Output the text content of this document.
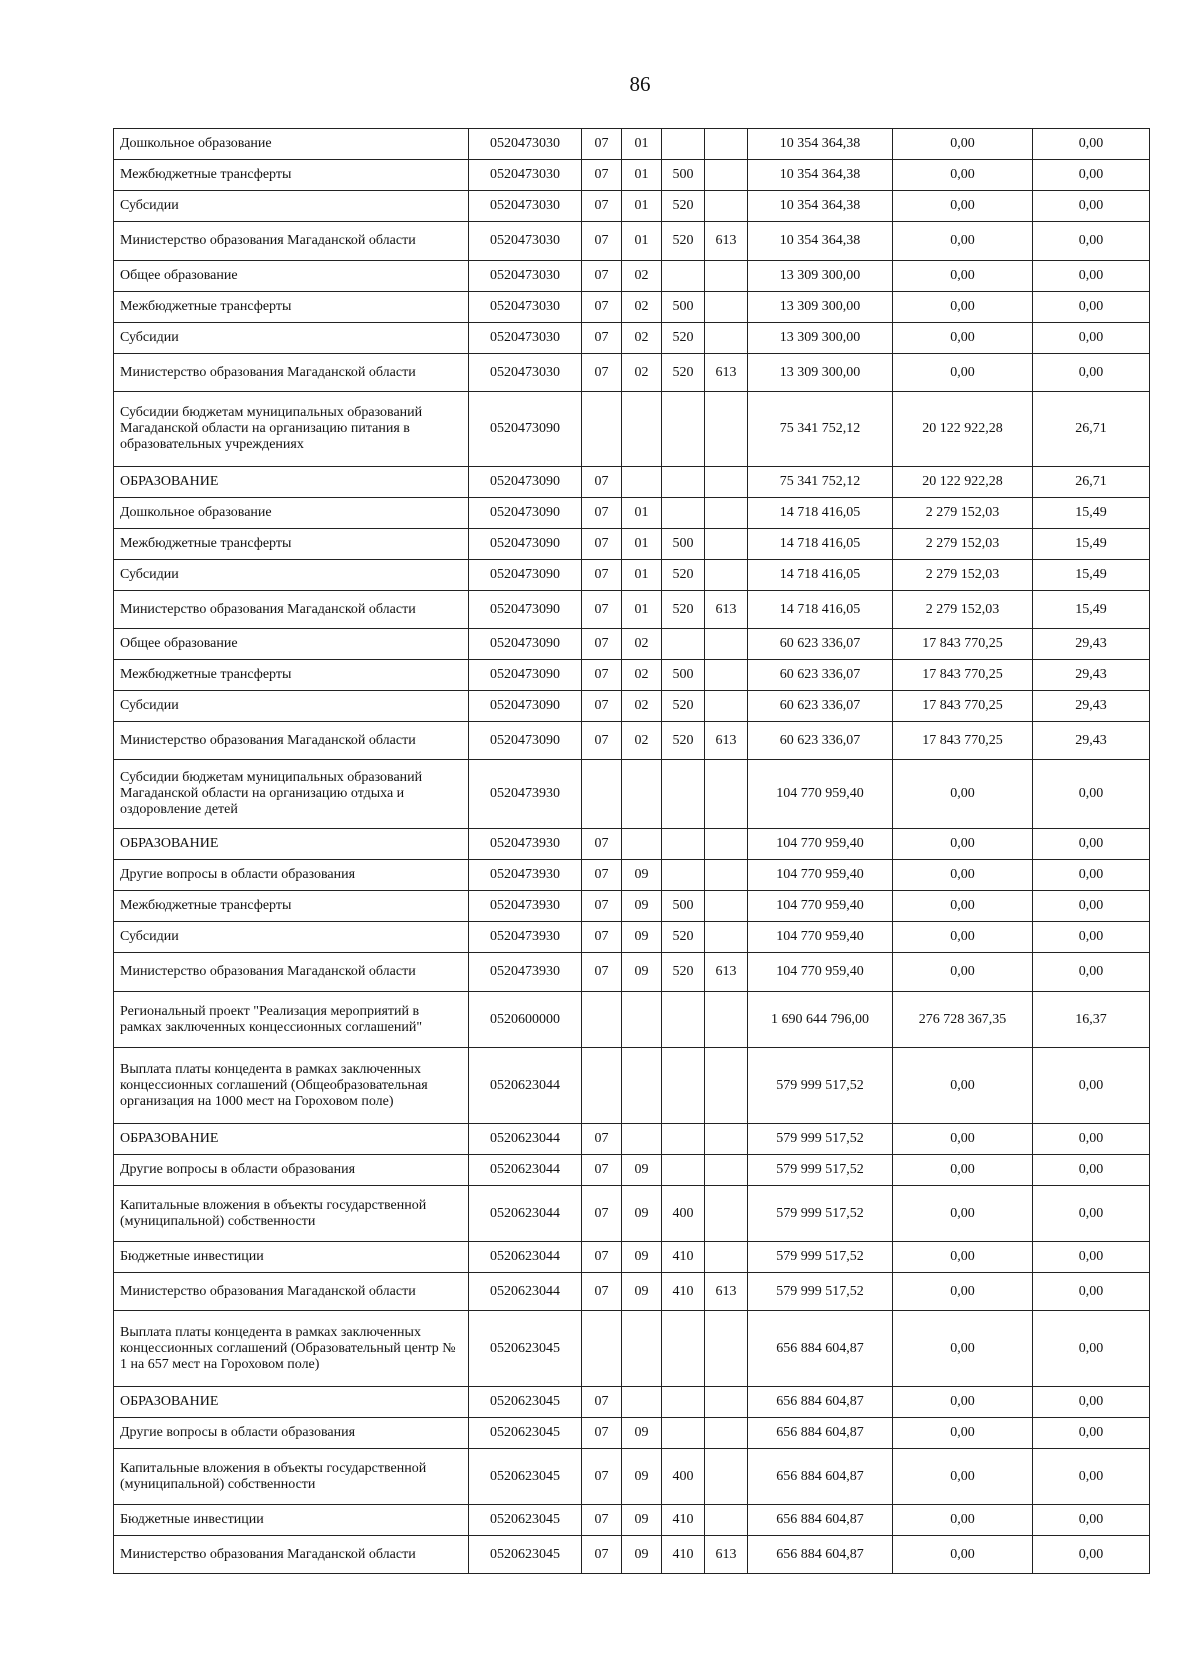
86
Дошкольное образование	0520473030	07	01			10 354 364,38	0,00	0,00
Межбюджетные трансферты	0520473030	07	01	500		10 354 364,38	0,00	0,00
Субсидии	0520473030	07	01	520		10 354 364,38	0,00	0,00
Министерство образования Магаданской области	0520473030	07	01	520	613	10 354 364,38	0,00	0,00
Общее образование	0520473030	07	02			13 309 300,00	0,00	0,00
Межбюджетные трансферты	0520473030	07	02	500		13 309 300,00	0,00	0,00
Субсидии	0520473030	07	02	520		13 309 300,00	0,00	0,00
Министерство образования Магаданской области	0520473030	07	02	520	613	13 309 300,00	0,00	0,00
Субсидии бюджетам муниципальных образований Магаданской области на организацию питания в образовательных учреждениях	0520473090					75 341 752,12	20 122 922,28	26,71
ОБРАЗОВАНИЕ	0520473090	07				75 341 752,12	20 122 922,28	26,71
Дошкольное образование	0520473090	07	01			14 718 416,05	2 279 152,03	15,49
Межбюджетные трансферты	0520473090	07	01	500		14 718 416,05	2 279 152,03	15,49
Субсидии	0520473090	07	01	520		14 718 416,05	2 279 152,03	15,49
Министерство образования Магаданской области	0520473090	07	01	520	613	14 718 416,05	2 279 152,03	15,49
Общее образование	0520473090	07	02			60 623 336,07	17 843 770,25	29,43
Межбюджетные трансферты	0520473090	07	02	500		60 623 336,07	17 843 770,25	29,43
Субсидии	0520473090	07	02	520		60 623 336,07	17 843 770,25	29,43
Министерство образования Магаданской области	0520473090	07	02	520	613	60 623 336,07	17 843 770,25	29,43
Субсидии бюджетам муниципальных образований Магаданской области на организацию отдыха и оздоровление детей	0520473930					104 770 959,40	0,00	0,00
ОБРАЗОВАНИЕ	0520473930	07				104 770 959,40	0,00	0,00
Другие вопросы в области образования	0520473930	07	09			104 770 959,40	0,00	0,00
Межбюджетные трансферты	0520473930	07	09	500		104 770 959,40	0,00	0,00
Субсидии	0520473930	07	09	520		104 770 959,40	0,00	0,00
Министерство образования Магаданской области	0520473930	07	09	520	613	104 770 959,40	0,00	0,00
Региональный проект "Реализация мероприятий в рамках заключенных концессионных соглашений"	0520600000					1 690 644 796,00	276 728 367,35	16,37
Выплата платы концедента в рамках заключенных концессионных соглашений (Общеобразовательная организация на 1000 мест на Гороховом поле)	0520623044					579 999 517,52	0,00	0,00
ОБРАЗОВАНИЕ	0520623044	07				579 999 517,52	0,00	0,00
Другие вопросы в области образования	0520623044	07	09			579 999 517,52	0,00	0,00
Капитальные вложения в объекты государственной (муниципальной) собственности	0520623044	07	09	400		579 999 517,52	0,00	0,00
Бюджетные инвестиции	0520623044	07	09	410		579 999 517,52	0,00	0,00
Министерство образования Магаданской области	0520623044	07	09	410	613	579 999 517,52	0,00	0,00
Выплата платы концедента в рамках заключенных концессионных соглашений (Образовательный центр № 1 на 657 мест на Гороховом поле)	0520623045					656 884 604,87	0,00	0,00
ОБРАЗОВАНИЕ	0520623045	07				656 884 604,87	0,00	0,00
Другие вопросы в области образования	0520623045	07	09			656 884 604,87	0,00	0,00
Капитальные вложения в объекты государственной (муниципальной) собственности	0520623045	07	09	400		656 884 604,87	0,00	0,00
Бюджетные инвестиции	0520623045	07	09	410		656 884 604,87	0,00	0,00
Министерство образования Магаданской области	0520623045	07	09	410	613	656 884 604,87	0,00	0,00
